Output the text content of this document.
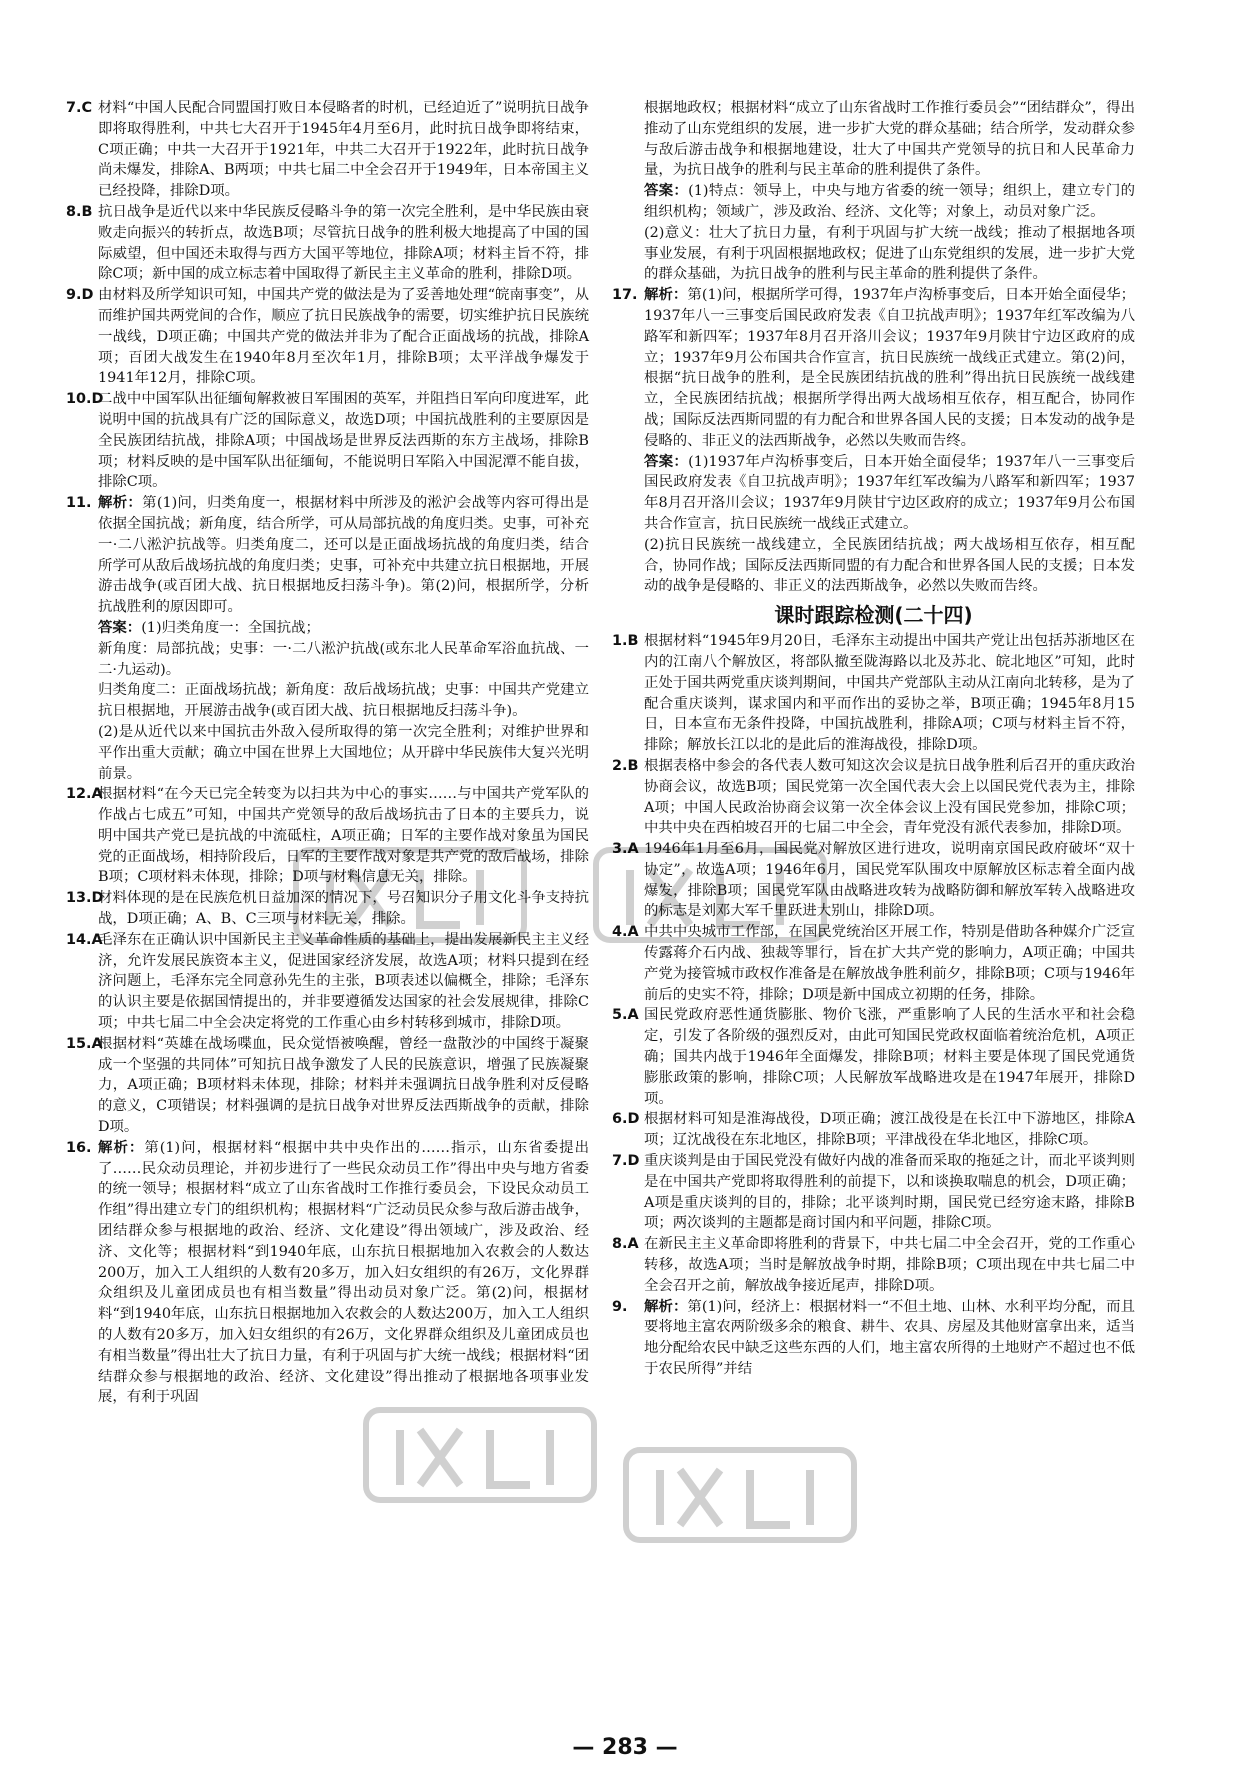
7.C 材料“中国人民配合同盟国打败日本侵略者的时机，已经迫近了”说明抗日战争即将取得胜利，中共七大召开于1945年4月至6月，此时抗日战争即将结束，C项正确；中共一大召开于1921年，中共二大召开于1922年，此时抗日战争尚未爆发，排除A、B两项；中共七届二中全会召开于1949年，日本帝国主义已经投降，排除D项。
8.B 抗日战争是近代以来中华民族反侵略斗争的第一次完全胜利，是中华民族由衰败走向振兴的转折点，故选B项；尽管抗日战争的胜利极大地提高了中国的国际威望，但中国还未取得与西方大国平等地位，排除A项；材料主旨不符，排除C项；新中国的成立标志着中国取得了新民主主义革命的胜利，排除D项。
9.D 由材料及所学知识可知，中国共产党的做法是为了妥善地处理“皖南事变”，从而维护国共两党间的合作，顺应了抗日民族战争的需要，切实维护抗日民族统一战线，D项正确；中国共产党的做法并非为了配合正面战场的抗战，排除A项；百团大战发生在1940年8月至次年1月，排除B项；太平洋战争爆发于1941年12月，排除C项。
10.D
二战中中国军队出征缅甸解救被日军围困的英军，并阻挡日军向印度进军，此说明中国的抗战具有广泛的国际意义，故选D项；中国抗战胜利的主要原因是全民族团结抗战，排除A项；中国战场是世界反法西斯的东方主战场，排除B项；材料反映的是中国军队出征缅甸，不能说明日军陷入中国泥潭不能自拔，排除C项。
11. 解析：第(1)问，归类角度一，根据材料中所涉及的淞沪会战等内容可得出是依据全国抗战；新角度，结合所学，可从局部抗战的角度归类。史事，可补充一·二八淞沪抗战等。归类角度二，还可以是正面战场抗战的角度归类，结合所学可从敌后战场抗战的角度归类；史事，可补充中共建立抗日根据地，开展游击战争(或百团大战、抗日根据地反扫荡斗争)。第(2)问，根据所学，分析抗战胜利的原因即可。
答案：(1)归类角度一：全国抗战；
新角度：局部抗战；史事：一·二八淞沪抗战(或东北人民革命军浴血抗战、一二·九运动)。
归类角度二：正面战场抗战；新角度：敌后战场抗战；史事：中国共产党建立抗日根据地，开展游击战争(或百团大战、抗日根据地反扫荡斗争)。
(2)是从近代以来中国抗击外敌入侵所取得的第一次完全胜利；对维护世界和平作出重大贡献；确立中国在世界上大国地位；从开辟中华民族伟大复兴光明前景。
12.A
根据材料“在今天已完全转变为以扫共为中心的事实……与中国共产党军队的作战占七成五”可知，中国共产党领导的敌后战场抗击了日本的主要兵力，说明中国共产党已是抗战的中流砥柱，A项正确；日军的主要作战对象虽为国民党的正面战场，相持阶段后，日军的主要作战对象是共产党的敌后战场，排除B项；C项材料未体现，排除；D项与材料信息无关，排除。
13.D
材料体现的是在民族危机日益加深的情况下，号召知识分子用文化斗争支持抗战，D项正确；A、B、C三项与材料无关，排除。
14.A
毛泽东在正确认识中国新民主主义革命性质的基础上，提出发展新民主主义经济，允许发展民族资本主义，促进国家经济发展，故选A项；材料只提到在经济问题上，毛泽东完全同意孙先生的主张，B项表述以偏概全，排除；毛泽东的认识主要是依据国情提出的，并非要遵循发达国家的社会发展规律，排除C项；中共七届二中全会决定将党的工作重心由乡村转移到城市，排除D项。
15.A
根据材料“英雄在战场喋血，民众觉悟被唤醒，曾经一盘散沙的中国终于凝聚成一个坚强的共同体”可知抗日战争激发了人民的民族意识，增强了民族凝聚力，A项正确；B项材料未体现，排除；材料并未强调抗日战争胜利对反侵略的意义，C项错误；材料强调的是抗日战争对世界反法西斯战争的贡献，排除D项。
16. 解析：第(1)问，根据材料“根据中共中央作出的……指示，山东省委提出了……民众动员理论，并初步进行了一些民众动员工作”得出中央与地方省委的统一领导；根据材料“成立了山东省战时工作推行委员会，下设民众动员工作组”得出建立专门的组织机构；根据材料“广泛动员民众参与敌后游击战争，团结群众参与根据地的政治、经济、文化建设”得出领域广，涉及政治、经济、文化等；根据材料“到1940年底，山东抗日根据地加入农救会的人数达200万，加入工人组织的人数有20多万，加入妇女组织的有26万，文化界群众组织及儿童团成员也有相当数量”得出动员对象广泛。第(2)问，根据材料“到1940年底，山东抗日根据地加入农救会的人数达200万，加入工人组织的人数有20多万，加入妇女组织的有26万，文化界群众组织及儿童团成员也有相当数量”得出壮大了抗日力量，有利于巩固与扩大统一战线；根据材料“团结群众参与根据地的政治、经济、文化建设”得出推动了根据地各项事业发展，有利于巩固
根据地政权；根据材料“成立了山东省战时工作推行委员会”“团结群众”，得出推动了山东党组织的发展，进一步扩大党的群众基础；结合所学，发动群众参与敌后游击战争和根据地建设，壮大了中国共产党领导的抗日和人民革命力量，为抗日战争的胜利与民主革命的胜利提供了条件。
答案：(1)特点：领导上，中央与地方省委的统一领导；组织上，建立专门的组织机构；领域广，涉及政治、经济、文化等；对象上，动员对象广泛。
(2)意义：壮大了抗日力量，有利于巩固与扩大统一战线；推动了根据地各项事业发展，有利于巩固根据地政权；促进了山东党组织的发展，进一步扩大党的群众基础，为抗日战争的胜利与民主革命的胜利提供了条件。
17. 解析：第(1)问，根据所学可得，1937年卢沟桥事变后，日本开始全面侵华；1937年八一三事变后国民政府发表《自卫抗战声明》；1937年红军改编为八路军和新四军；1937年8月召开洛川会议；1937年9月陕甘宁边区政府的成立；1937年9月公布国共合作宣言，抗日民族统一战线正式建立。第(2)问，根据“抗日战争的胜利，是全民族团结抗战的胜利”得出抗日民族统一战线建立，全民族团结抗战；根据所学得出两大战场相互依存，相互配合，协同作战；国际反法西斯同盟的有力配合和世界各国人民的支援；日本发动的战争是侵略的、非正义的法西斯战争，必然以失败而告终。
答案：(1)1937年卢沟桥事变后，日本开始全面侵华；1937年八一三事变后国民政府发表《自卫抗战声明》；1937年红军改编为八路军和新四军；1937年8月召开洛川会议；1937年9月陕甘宁边区政府的成立；1937年9月公布国共合作宣言，抗日民族统一战线正式建立。
(2)抗日民族统一战线建立，全民族团结抗战；两大战场相互依存，相互配合，协同作战；国际反法西斯同盟的有力配合和世界各国人民的支援；日本发动的战争是侵略的、非正义的法西斯战争，必然以失败而告终。
课时跟踪检测(二十四)
1.B 根据材料“1945年9月20日，毛泽东主动提出中国共产党让出包括苏浙地区在内的江南八个解放区，将部队撤至陇海路以北及苏北、皖北地区”可知，此时正处于国共两党重庆谈判期间，中国共产党部队主动从江南向北转移，是为了配合重庆谈判，谋求国内和平而作出的妥协之举，B项正确；1945年8月15日，日本宣布无条件投降，中国抗战胜利，排除A项；C项与材料主旨不符，排除；解放长江以北的是此后的淮海战役，排除D项。
2.B 根据表格中参会的各代表人数可知这次会议是抗日战争胜利后召开的重庆政治协商会议，故选B项；国民党第一次全国代表大会上以国民党代表为主，排除A项；中国人民政治协商会议第一次全体会议上没有国民党参加，排除C项；中共中央在西柏坡召开的七届二中全会，青年党没有派代表参加，排除D项。
3.A 1946年1月至6月，国民党对解放区进行进攻，说明南京国民政府破坏“双十协定”，故选A项；1946年6月，国民党军队围攻中原解放区标志着全面内战爆发，排除B项；国民党军队由战略进攻转为战略防御和解放军转入战略进攻的标志是刘邓大军千里跃进大别山，排除D项。
4.A 中共中央城市工作部，在国民党统治区开展工作，特别是借助各种媒介广泛宣传露蒋介石内战、独裁等罪行，旨在扩大共产党的影响力，A项正确；中国共产党为接管城市政权作准备是在解放战争胜利前夕，排除B项；C项与1946年前后的史实不符，排除；D项是新中国成立初期的任务，排除。
5.A 国民党政府恶性通货膨胀、物价飞涨，严重影响了人民的生活水平和社会稳定，引发了各阶级的强烈反对，由此可知国民党政权面临着统治危机，A项正确；国共内战于1946年全面爆发，排除B项；材料主要是体现了国民党通货膨胀政策的影响，排除C项；人民解放军战略进攻是在1947年展开，排除D项。
6.D 根据材料可知是淮海战役，D项正确；渡江战役是在长江中下游地区，排除A项；辽沈战役在东北地区，排除B项；平津战役在华北地区，排除C项。
7.D 重庆谈判是由于国民党没有做好内战的准备而采取的拖延之计，而北平谈判则是在中国共产党即将取得胜利的前提下，以和谈换取喘息的机会，D项正确；A项是重庆谈判的目的，排除；北平谈判时期，国民党已经穷途末路，排除B项；两次谈判的主题都是商讨国内和平问题，排除C项。
8.A 在新民主主义革命即将胜利的背景下，中共七届二中全会召开，党的工作重心转移，故选A项；当时是解放战争时期，排除B项；C项出现在中共七届二中全会召开之前，解放战争接近尾声，排除D项。
9. 解析：第(1)问，经济上：根据材料一“不但土地、山林、水利平均分配，而且要将地主富农两阶级多余的粮食、耕牛、农具、房屋及其他财富拿出来，适当地分配给农民中缺乏这些东西的人们，地主富农所得的土地财产不超过也不低于农民所得”并结
— 283 —
